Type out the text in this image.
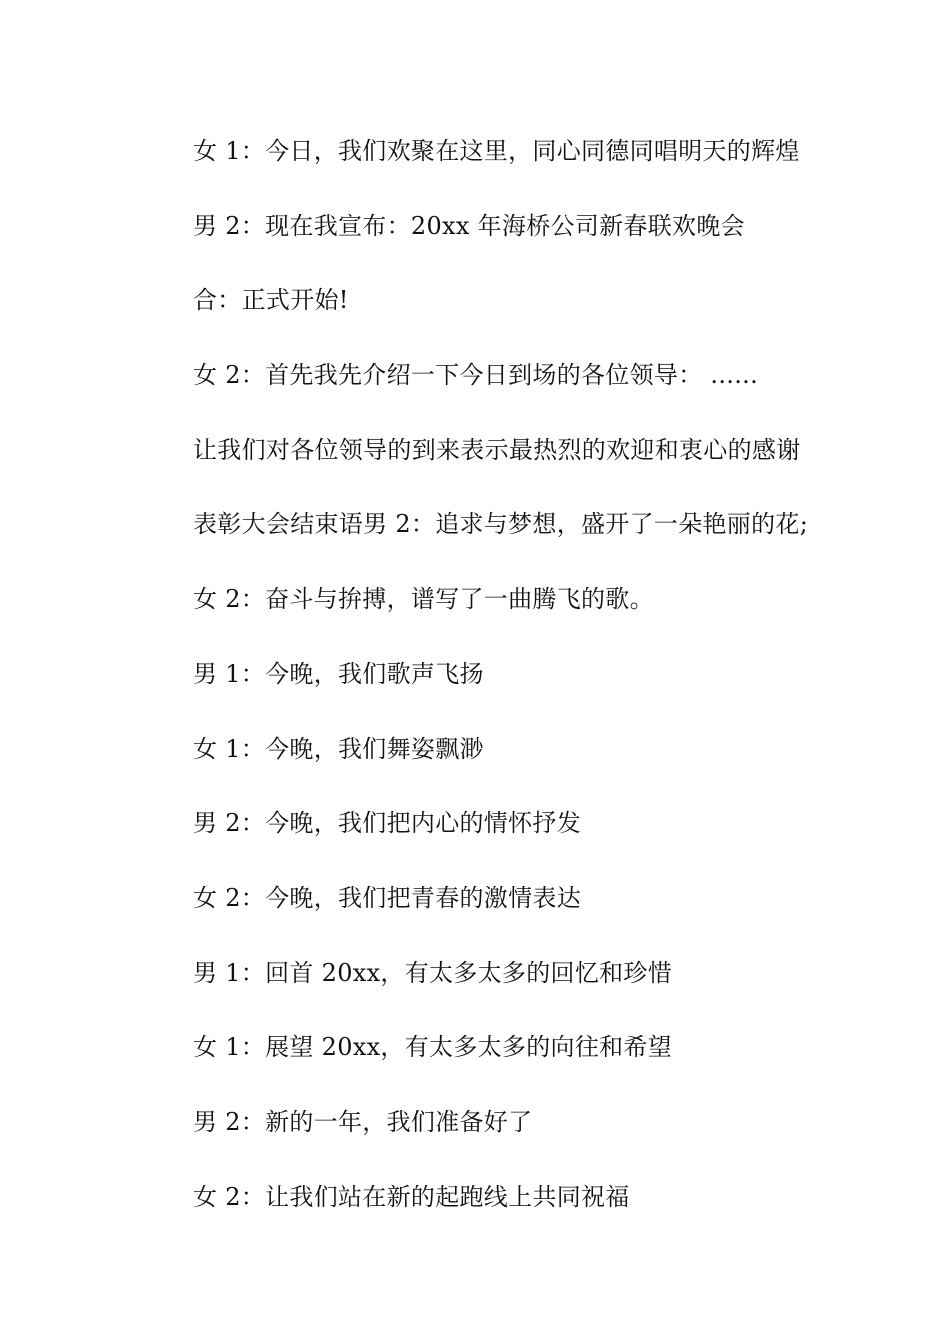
女 1：今日，我们欢聚在这里，同心同德同唱明天的辉煌
男 2：现在我宣布：20xx 年海桥公司新春联欢晚会
合：正式开始!
女 2：首先我先介绍一下今日到场的各位领导： ......
让我们对各位领导的到来表示最热烈的欢迎和衷心的感谢
表彰大会结束语男 2：追求与梦想，盛开了一朵艳丽的花;
女 2：奋斗与拚搏，谱写了一曲腾飞的歌。
男 1：今晚，我们歌声飞扬
女 1：今晚，我们舞姿飘渺
男 2：今晚，我们把内心的情怀抒发
女 2：今晚，我们把青春的激情表达
男 1：回首 20xx，有太多太多的回忆和珍惜
女 1：展望 20xx，有太多太多的向往和希望
男 2：新的一年，我们准备好了
女 2：让我们站在新的起跑线上共同祝福
